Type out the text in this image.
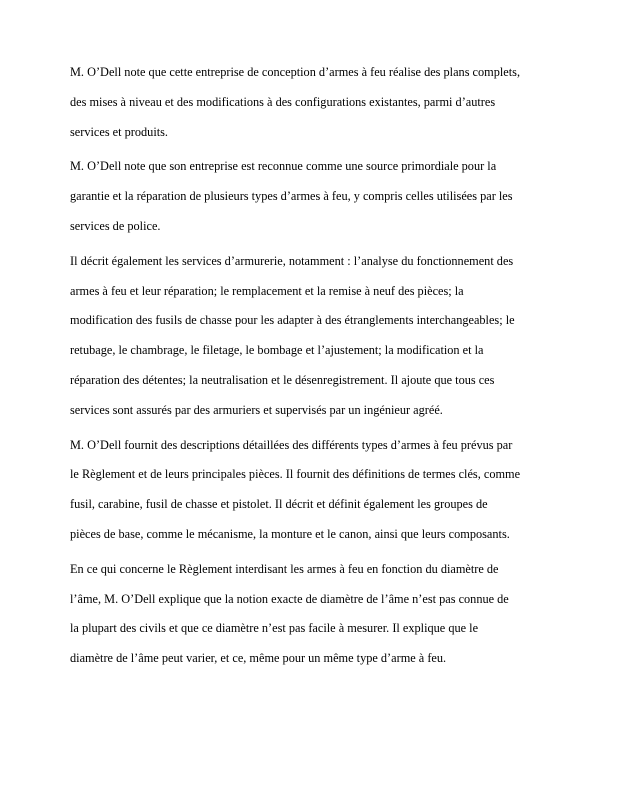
M. O’Dell note que cette entreprise de conception d’armes à feu réalise des plans complets,
des mises à niveau et des modifications à des configurations existantes, parmi d’autres
services et produits.

M. O’Dell note que son entreprise est reconnue comme une source primordiale pour la
garantie et la réparation de plusieurs types d’armes à feu, y compris celles utilisées par les
services de police.

Il décrit également les services d’armurerie, notamment : l’analyse du fonctionnement des
armes à feu et leur réparation; le remplacement et la remise à neuf des pièces; la
modification des fusils de chasse pour les adapter à des étranglements interchangeables; le
retubage, le chambrage, le filetage, le bombage et l’ajustement; la modification et la
réparation des détentes; la neutralisation et le désenregistrement. Il ajoute que tous ces
services sont assurés par des armuriers et supervisés par un ingénieur agréé.

M. O’Dell fournit des descriptions détaillées des différents types d’armes à feu prévus par
le Règlement et de leurs principales pièces. Il fournit des définitions de termes clés, comme
fusil, carabine, fusil de chasse et pistolet. Il décrit et définit également les groupes de
pièces de base, comme le mécanisme, la monture et le canon, ainsi que leurs composants.

En ce qui concerne le Règlement interdisant les armes à feu en fonction du diamètre de
l’âme, M. O’Dell explique que la notion exacte de diamètre de l’âme n’est pas connue de
la plupart des civils et que ce diamètre n’est pas facile à mesurer. Il explique que le
diamètre de l’âme peut varier, et ce, même pour un même type d’arme à feu.
